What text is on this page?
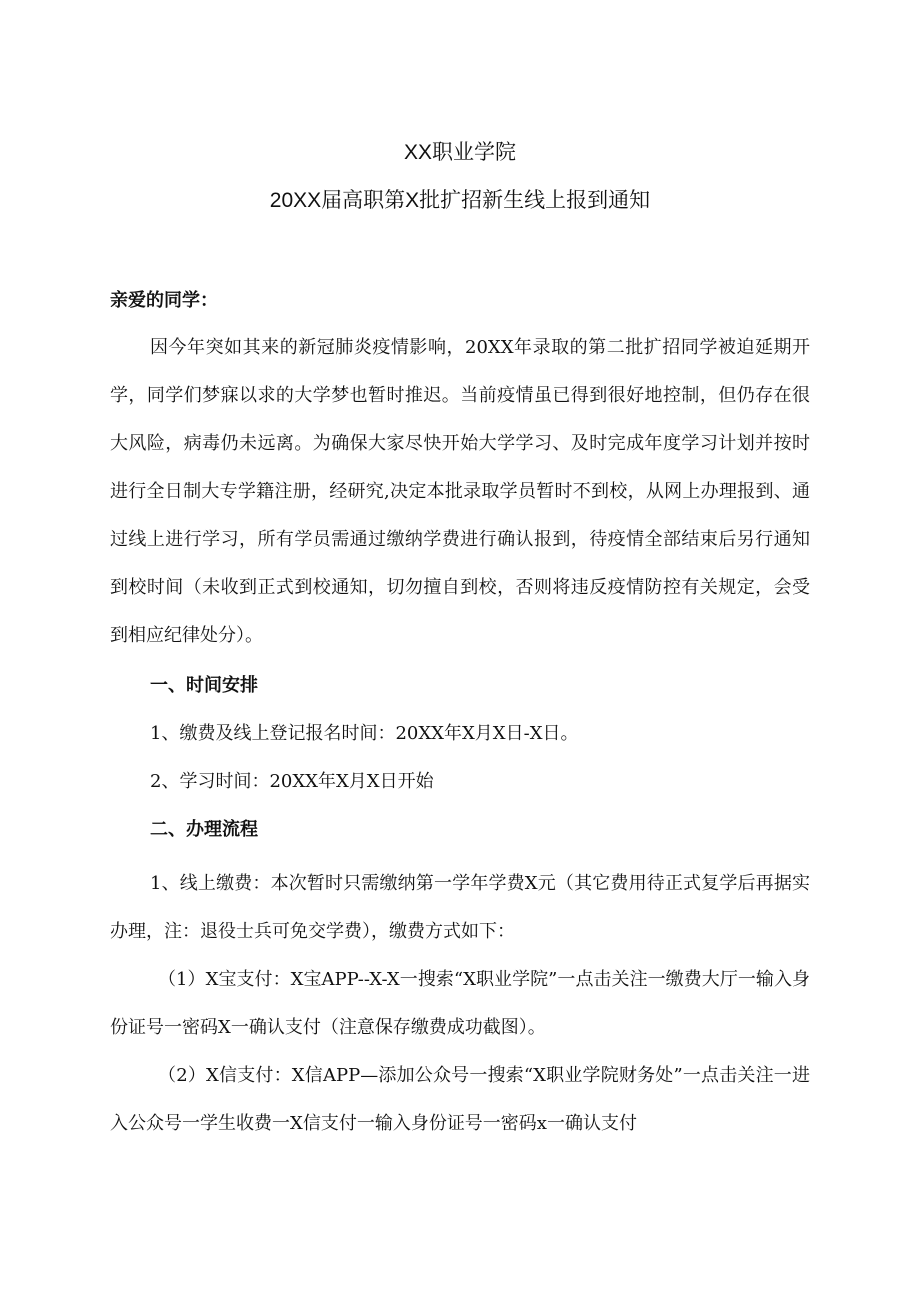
XX职业学院
20XX届高职第X批扩招新生线上报到通知
亲爱的同学：

因今年突如其来的新冠肺炎疫情影响，20XX年录取的第二批扩招同学被迫延期开学，同学们梦寐以求的大学梦也暂时推迟。当前疫情虽已得到很好地控制，但仍存在很大风险，病毒仍未远离。为确保大家尽快开始大学学习、及时完成年度学习计划并按时进行全日制大专学籍注册，经研究,决定本批录取学员暂时不到校，从网上办理报到、通过线上进行学习，所有学员需通过缴纳学费进行确认报到，待疫情全部结束后另行通知到校时间（未收到正式到校通知，切勿擅自到校，否则将违反疫情防控有关规定，会受到相应纪律处分）。

一、时间安排
1、缴费及线上登记报名时间：20XX年X月X日-X日。
2、学习时间：20XX年X月X日开始
二、办理流程

1、线上缴费：本次暂时只需缴纳第一学年学费X元（其它费用待正式复学后再据实办理，注：退役士兵可免交学费），缴费方式如下：

（1）X宝支付：X宝APP--X-X一搜索“X职业学院”一点击关注一缴费大厅一输入身份证号一密码X一确认支付（注意保存缴费成功截图）。

（2）X信支付：X信APP—添加公众号一搜索“X职业学院财务处”一点击关注一进入公众号一学生收费一X信支付一输入身份证号一密码x一确认支付
